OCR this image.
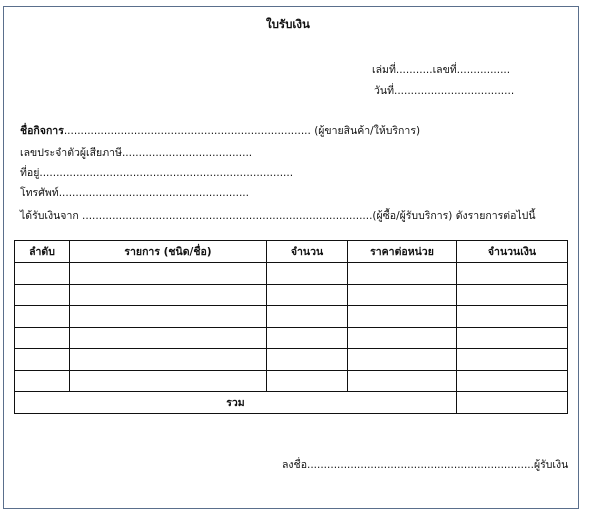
ใบรับเงิน
เล่มที่...........เลขที่................
วันที่....................................
ชื่อกิจการ.......................................................................... (ผู้ขายสินค้า/ให้บริการ)
เลขประจำตัวผู้เสียภาษี.......................................
ที่อยู่............................................................................
โทรศัพท์.........................................................
ได้รับเงินจาก .......................................................................................(ผู้ซื้อ/ผู้รับบริการ) ดังรายการต่อไปนี้
ลำดับ	รายการ (ชนิด/ชื่อ)	จำนวน	ราคาต่อหน่วย	จำนวนเงิน

รวม				
ลงชื่อ....................................................................ผู้รับเงิน
